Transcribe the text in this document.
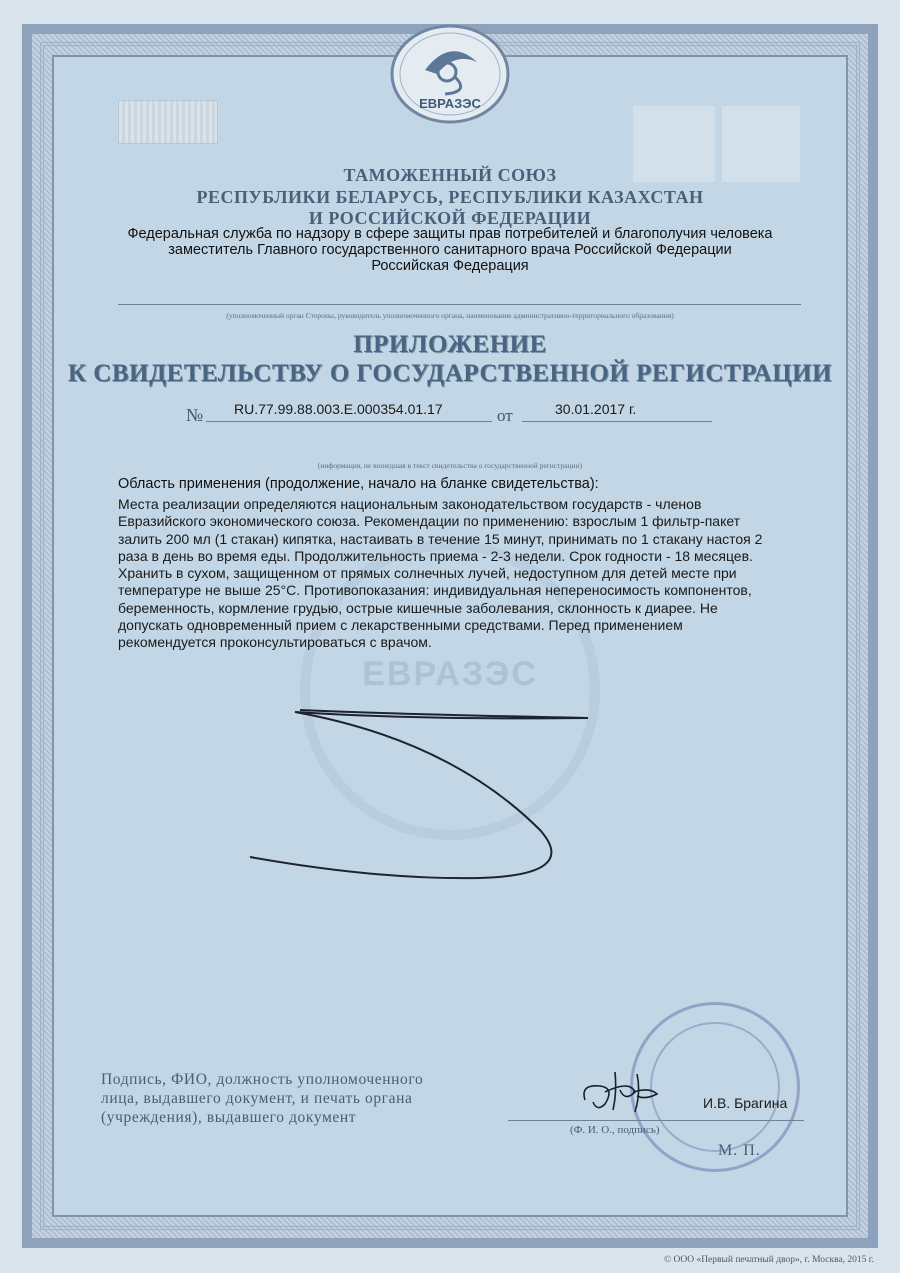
ЕВРАЗЭС
ТАМОЖЕННЫЙ СОЮЗ
РЕСПУБЛИКИ БЕЛАРУСЬ, РЕСПУБЛИКИ КАЗАХСТАН
И РОССИЙСКОЙ ФЕДЕРАЦИИ
Федеральная служба по надзору в сфере защиты прав потребителей и благополучия человека
заместитель Главного государственного санитарного врача Российской Федерации
Российская Федерация
(уполномоченный орган Стороны, руководитель уполномоченного органа, наименование административно-территориального образования)
ПРИЛОЖЕНИЕ
К СВИДЕТЕЛЬСТВУ О ГОСУДАРСТВЕННОЙ РЕГИСТРАЦИИ
№ RU.77.99.88.003.E.000354.01.17	от	30.01.2017 г.
(информация, не вошедшая в текст свидетельства о государственной регистрации)
ЕВРАЗЭС
Область применения (продолжение, начало на бланке свидетельства):
Места реализации определяются национальным законодательством государств - членов
Евразийского экономического союза. Рекомендации по применению: взрослым 1 фильтр-пакет
залить 200 мл (1 стакан) кипятка, настаивать в течение 15 минут, принимать по 1 стакану настоя 2
раза в день во время еды. Продолжительность приема - 2-3 недели. Срок годности - 18 месяцев.
Хранить в сухом, защищенном от прямых солнечных лучей, недоступном для детей месте при
температуре не выше 25°С. Противопоказания: индивидуальная непереносимость компонентов,
беременность, кормление грудью, острые кишечные заболевания, склонность к диарее. Не
допускать одновременный прием с лекарственными средствами. Перед применением
рекомендуется проконсультироваться с врачом.
Подпись, ФИО, должность уполномоченного
лица, выдавшего документ, и печать органа
(учреждения), выдавшего документ
И.В. Брагина
(Ф. И. О., подпись)
М. П.
© ООО «Первый печатный двор», г. Москва, 2015 г.
